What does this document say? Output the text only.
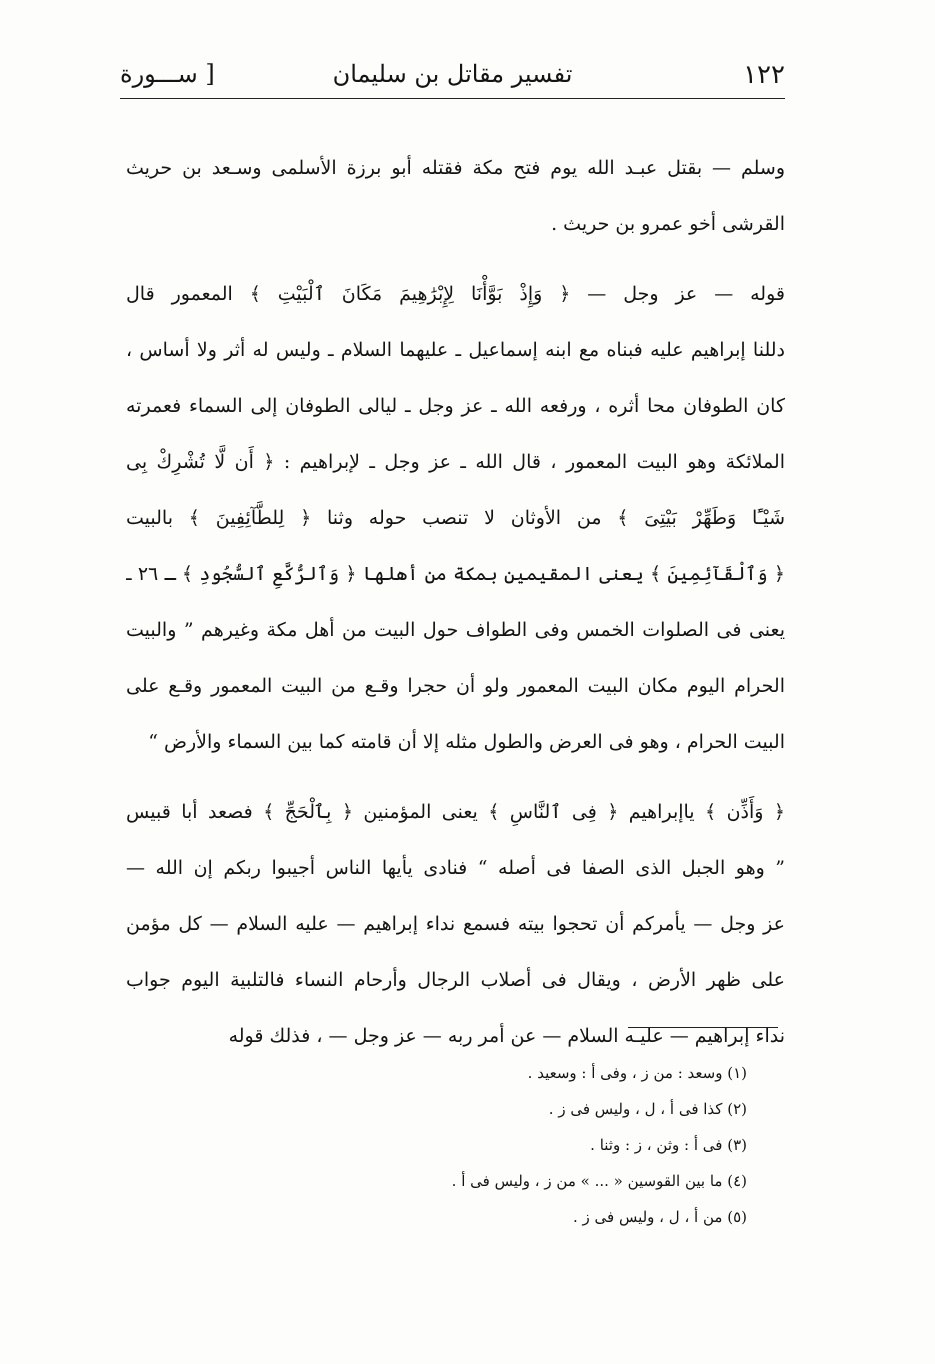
١٢٢
تفسير مقاتل بن سليمان
[ ســـورة
وسلم — بقتل عبـد الله يوم فتح مكة فقتله أبو برزة الأسلمى وسـعد بن حريث
القرشى أخو عمرو بن حريث .
قوله — عز وجل — ﴿ وَإِذْ بَوَّأْنَا لِإِبْرَٰهِيمَ مَكَانَ ٱلْبَيْتِ ﴾ المعمور قال
دللنا إبراهيم عليه فبناه مع ابنه إسماعيل ـ عليهما السلام ـ وليس له أثر ولا أساس ،
كان الطوفان محا أثره ، ورفعه الله ـ عز وجل ـ ليالى الطوفان إلى السماء فعمرته
الملائكة وهو البيت المعمور ، قال الله ـ عز وجل ـ لإبراهيم : ﴿ أَن لَّا تُشْرِكْ بِى
شَيْـًٔا وَطَهِّرْ بَيْتِىَ ﴾ من الأوثان لا تنصب حوله وثنا ﴿ لِلطَّآئِفِينَ ﴾ بالبيت
﴿ وَٱلْقَآئِمِينَ ﴾ يعنى المقيمين بمكة من أهلها ﴿ وَٱلرُّكَّعِ ٱلسُّجُودِ ﴾ ـ ٢٦ ـ
يعنى فى الصلوات الخمس وفى الطواف حول البيت من أهل مكة وغيرهم ” والبيت
الحرام اليوم مكان البيت المعمور ولو أن حجرا وقـع من البيت المعمور وقـع على
البيت الحرام ، وهو فى العرض والطول مثله إلا أن قامته كما بين السماء والأرض “
﴿ وَأَذِّن ﴾ ياإبراهيم ﴿ فِى ٱلنَّاسِ ﴾ يعنى المؤمنين ﴿ بِٱلْحَجِّ ﴾ فصعد أبا قبيس
” وهو الجبل الذى الصفا فى أصله “ فنادى يأيها الناس أجيبوا ربكم إن الله —
عز وجل — يأمركم أن تحجوا بيته فسمع نداء إبراهيم — عليه السلام — كل مؤمن
على ظهر الأرض ، ويقال فى أصلاب الرجال وأرحام النساء فالتلبية اليوم جواب
نداء إبراهيم — عليـه السلام — عن أمر ربه — عز وجل — ، فذلك قوله
(١) وسعد : من ز ، وفى أ : وسعيد .
(٢) كذا فى أ ، ل ، وليس فى ز .
(٣) فى أ : وثن ، ز : وثنا .
(٤) ما بين القوسين « ... » من ز ، وليس فى أ .
(٥) من أ ، ل ، وليس فى ز .
